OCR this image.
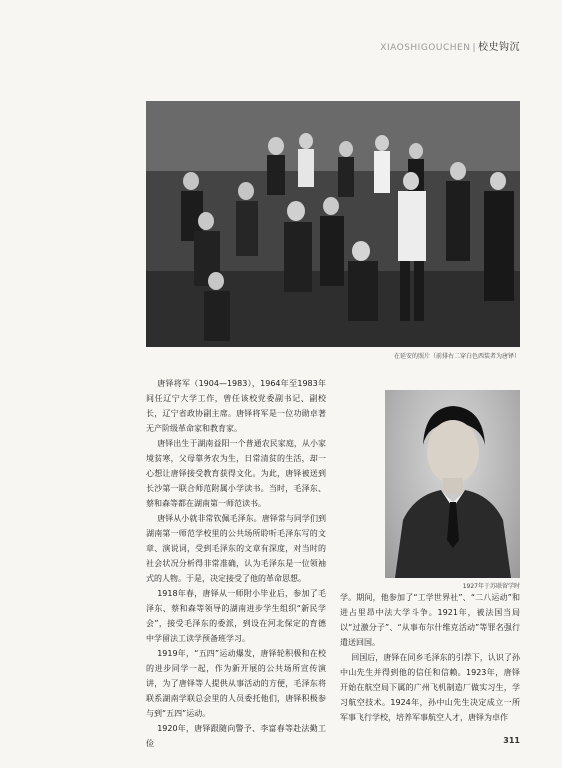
XIAOSHIGOUCHEN | 校史钩沉
在延安的照片（前排右二穿白色西装者为唐铎）

唐铎将军（1904—1983），1964年至1983年间任辽宁大学工作，曾任该校党委副书记、副校长，辽宁省政协副主席。唐铎将军是一位功勋卓著无产阶级革命家和教育家。

唐铎出生于湖南益阳一个普通农民家庭，从小家境贫寒，父母靠务农为生，日常清贫的生活，却一心想让唐铎接受教育获得文化。为此，唐铎被送到长沙第一联合师范附属小学读书。当时，毛泽东、蔡和森等都在湖南第一师范读书。

唐铎从小就非常钦佩毛泽东。唐铎常与同学们到湖南第一师范学校里的公共场所聆听毛泽东写的文章、演说词，受到毛泽东的文章有深度，对当时的社会状况分析得非常准确，认为毛泽东是一位领袖式的人物。于是，决定接受了他的革命思想。

1918年春，唐铎从一师附小毕业后，参加了毛泽东、蔡和森等领导的湖南进步学生组织“新民学会”，接受毛泽东的委派，到设在河北保定的育德中学留法工读学预备班学习。

1919年，“五四”运动爆发，唐铎轮积极和在校的进步同学一起，作为新开展的公共场所宣传演讲，为了唐铎等人提供从事活动的方便，毛泽东将联系湖南学联总会里的人员委托他们，唐铎积极参与到“五四”运动。

1920年，唐铎跟随向警予、李富春等赴法勤工俭

1927年于苏联留学时

学。期间，他参加了“工学世界社”、“二八运动”和进占里昂中法大学斗争。1921年，被法国当局以“过激分子”、“从事布尔什维克活动”等罪名强行遣送回国。

回国后，唐铎在同乡毛泽东的引荐下，认识了孙中山先生并得到他的信任和信赖。1923年，唐铎开始在航空局下属的广州飞机制造厂做实习生，学习航空技术。1924年，孙中山先生决定成立一所军事飞行学校，培养军事航空人才，唐铎为卓作

311
